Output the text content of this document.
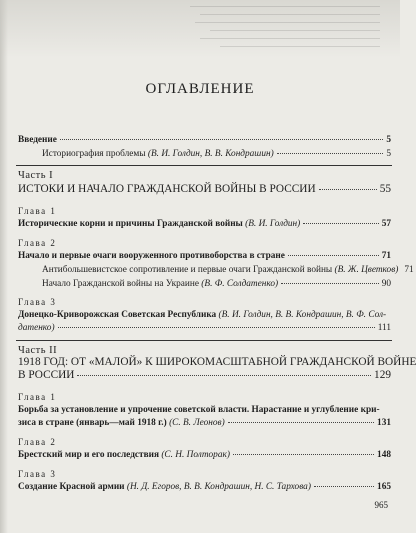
ОГЛАВЛЕНИЕ
Введение	5
Историография проблемы (В. И. Голдин, В. В. Кондрашин)	5
Часть I
ИСТОКИ И НАЧАЛО ГРАЖДАНСКОЙ ВОЙНЫ В РОССИИ	55
Глава 1
Исторические корни и причины Гражданской войны (В. И. Голдин)	57
Глава 2
Начало и первые очаги вооруженного противоборства в стране	71
Антибольшевистское сопротивление и первые очаги Гражданской войны (В. Ж. Цветков) 71
Начало Гражданской войны на Украине (В. Ф. Солдатенко)	90
Глава 3
Донецко-Криворожская Советская Республика (В. И. Голдин, В. В. Кондрашин, В. Ф. Сол-
датенко)	111
Часть II
1918 ГОД: ОТ «МАЛОЙ» К ШИРОКОМАСШТАБНОЙ ГРАЖДАНСКОЙ ВОЙНЕ
В РОССИИ	129
Глава 1
Борьба за установление и упрочение советской власти. Нарастание и углубление кри-
зиса в стране (январь—май 1918 г.) (С. В. Леонов)	131
Глава 2
Брестский мир и его последствия (С. Н. Полторак)	148
Глава 3
Создание Красной армии (Н. Д. Егоров, В. В. Кондрашин, Н. С. Тархова)	165
965
